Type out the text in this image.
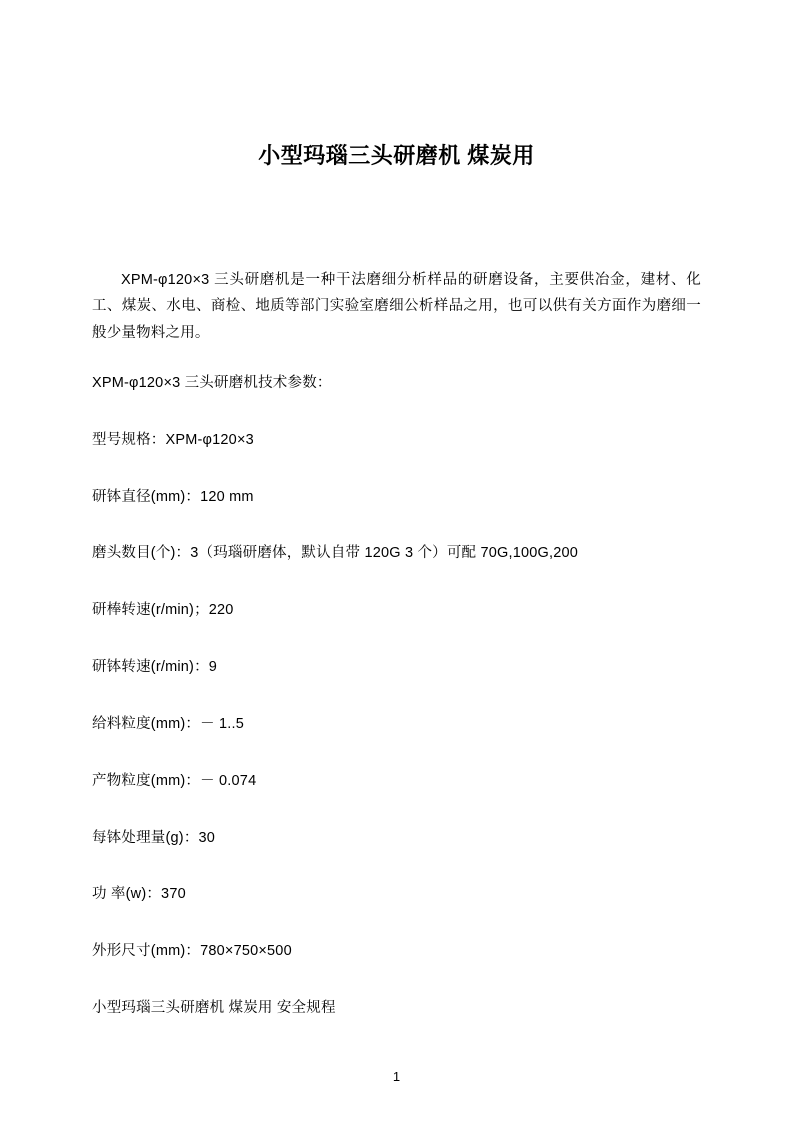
小型玛瑙三头研磨机 煤炭用

XPM-φ120×3 三头研磨机是一种干法磨细分析样品的研磨设备，主要供冶金，建材、化工、煤炭、水电、商检、地质等部门实验室磨细公析样品之用，也可以供有关方面作为磨细一般少量物料之用。

XPM-φ120×3 三头研磨机技术参数：

型号规格：XPM-φ120×3

研钵直径(mm)：120 mm

磨头数目(个)：3（玛瑙研磨体，默认自带 120G 3 个）可配 70G,100G,200

研棒转速(r/min)；220

研钵转速(r/min)：9

给料粒度(mm)：－ 1..5

产物粒度(mm)：－ 0.074

每钵处理量(g)：30

功 率(w)：370

外形尺寸(mm)：780×750×500

小型玛瑙三头研磨机 煤炭用 安全规程

1
